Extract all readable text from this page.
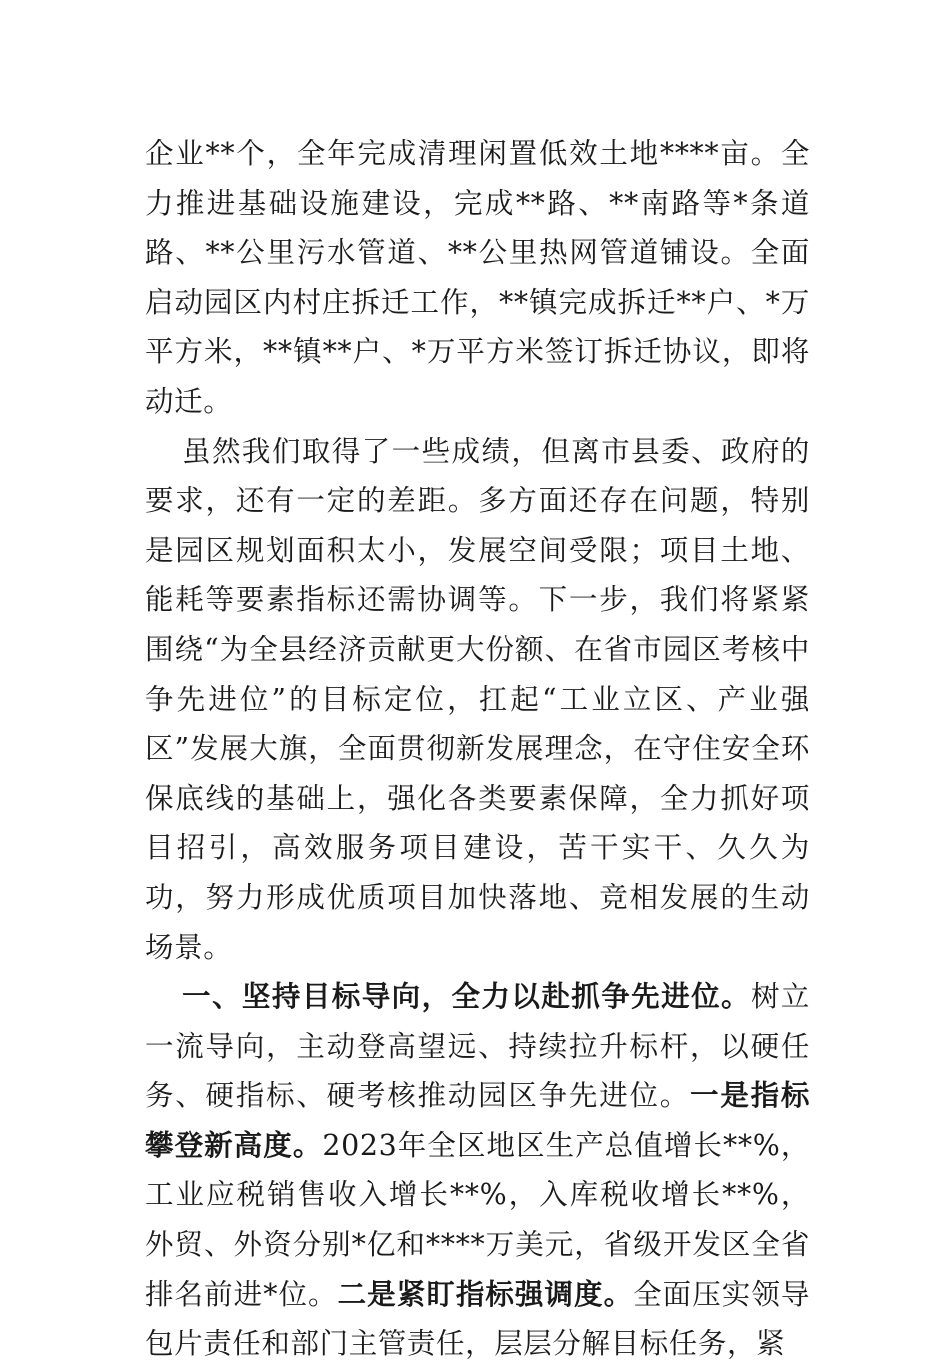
企业**个，全年完成清理闲置低效土地****亩。全力推进基础设施建设，完成**路、**南路等*条道路、**公里污水管道、**公里热网管道铺设。全面启动园区内村庄拆迁工作，**镇完成拆迁**户、*万平方米，**镇**户、*万平方米签订拆迁协议，即将动迁。

虽然我们取得了一些成绩，但离市县委、政府的要求，还有一定的差距。多方面还存在问题，特别是园区规划面积太小，发展空间受限；项目土地、能耗等要素指标还需协调等。下一步，我们将紧紧围绕“为全县经济贡献更大份额、在省市园区考核中争先进位”的目标定位，扛起“工业立区、产业强区”发展大旗，全面贯彻新发展理念，在守住安全环保底线的基础上，强化各类要素保障，全力抓好项目招引，高效服务项目建设，苦干实干、久久为功，努力形成优质项目加快落地、竞相发展的生动场景。

一、坚持目标导向，全力以赴抓争先进位。树立一流导向，主动登高望远、持续拉升标杆，以硬任务、硬指标、硬考核推动园区争先进位。一是指标攀登新高度。2023年全区地区生产总值增长**%，工业应税销售收入增长**%，入库税收增长**%，外贸、外资分别*亿和****万美元，省级开发区全省排名前进*位。二是紧盯指标强调度。全面压实领导包片责任和部门主管责任，层层分解目标任务，紧
